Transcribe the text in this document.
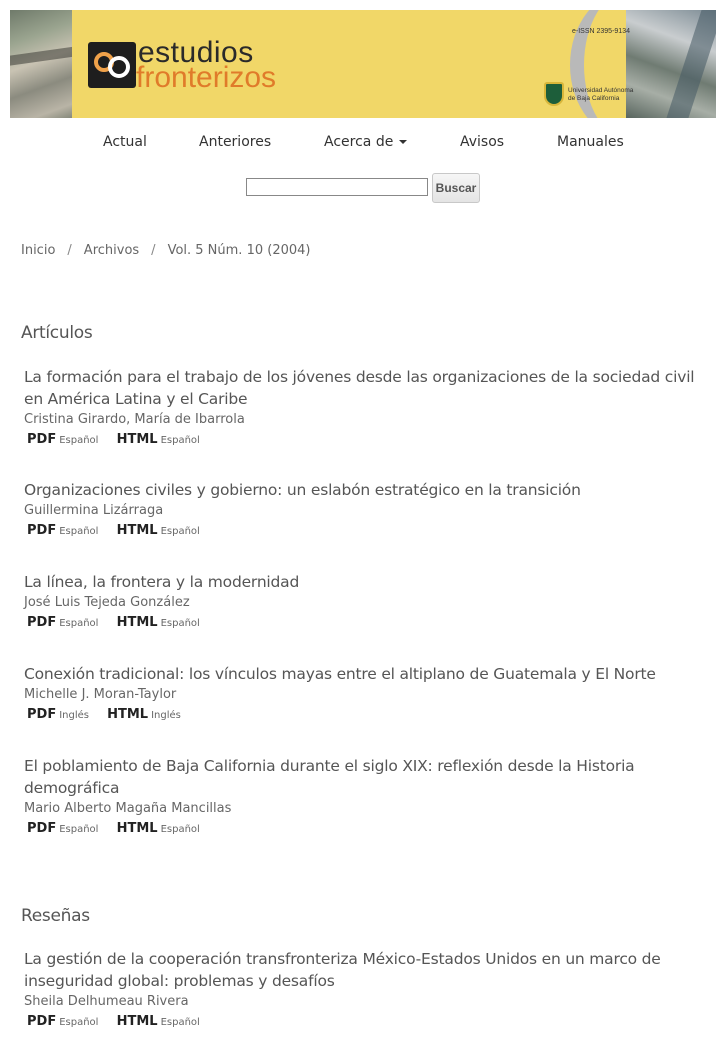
estudios
fronterizos
e-ISSN 2395-9134
Universidad Autónoma
de Baja California
Actual	Anteriores	Acerca de	Avisos	Manuales
Buscar
Inicio / Archivos / Vol. 5 Núm. 10 (2004)
Artículos
La formación para el trabajo de los jóvenes desde las organizaciones de la sociedad civil en América Latina y el Caribe
Cristina Girardo, María de Ibarrola
PDF Español HTML Español
Organizaciones civiles y gobierno: un eslabón estratégico en la transición
Guillermina Lizárraga
PDF Español HTML Español
La línea, la frontera y la modernidad
José Luis Tejeda González
PDF Español HTML Español
Conexión tradicional: los vínculos mayas entre el altiplano de Guatemala y El Norte
Michelle J. Moran-Taylor
PDF Inglés HTML Inglés
El poblamiento de Baja California durante el siglo XIX: reflexión desde la Historia demográfica
Mario Alberto Magaña Mancillas
PDF Español HTML Español
Reseñas
La gestión de la cooperación transfronteriza México-Estados Unidos en un marco de inseguridad global: problemas y desafíos
Sheila Delhumeau Rivera
PDF Español HTML Español
